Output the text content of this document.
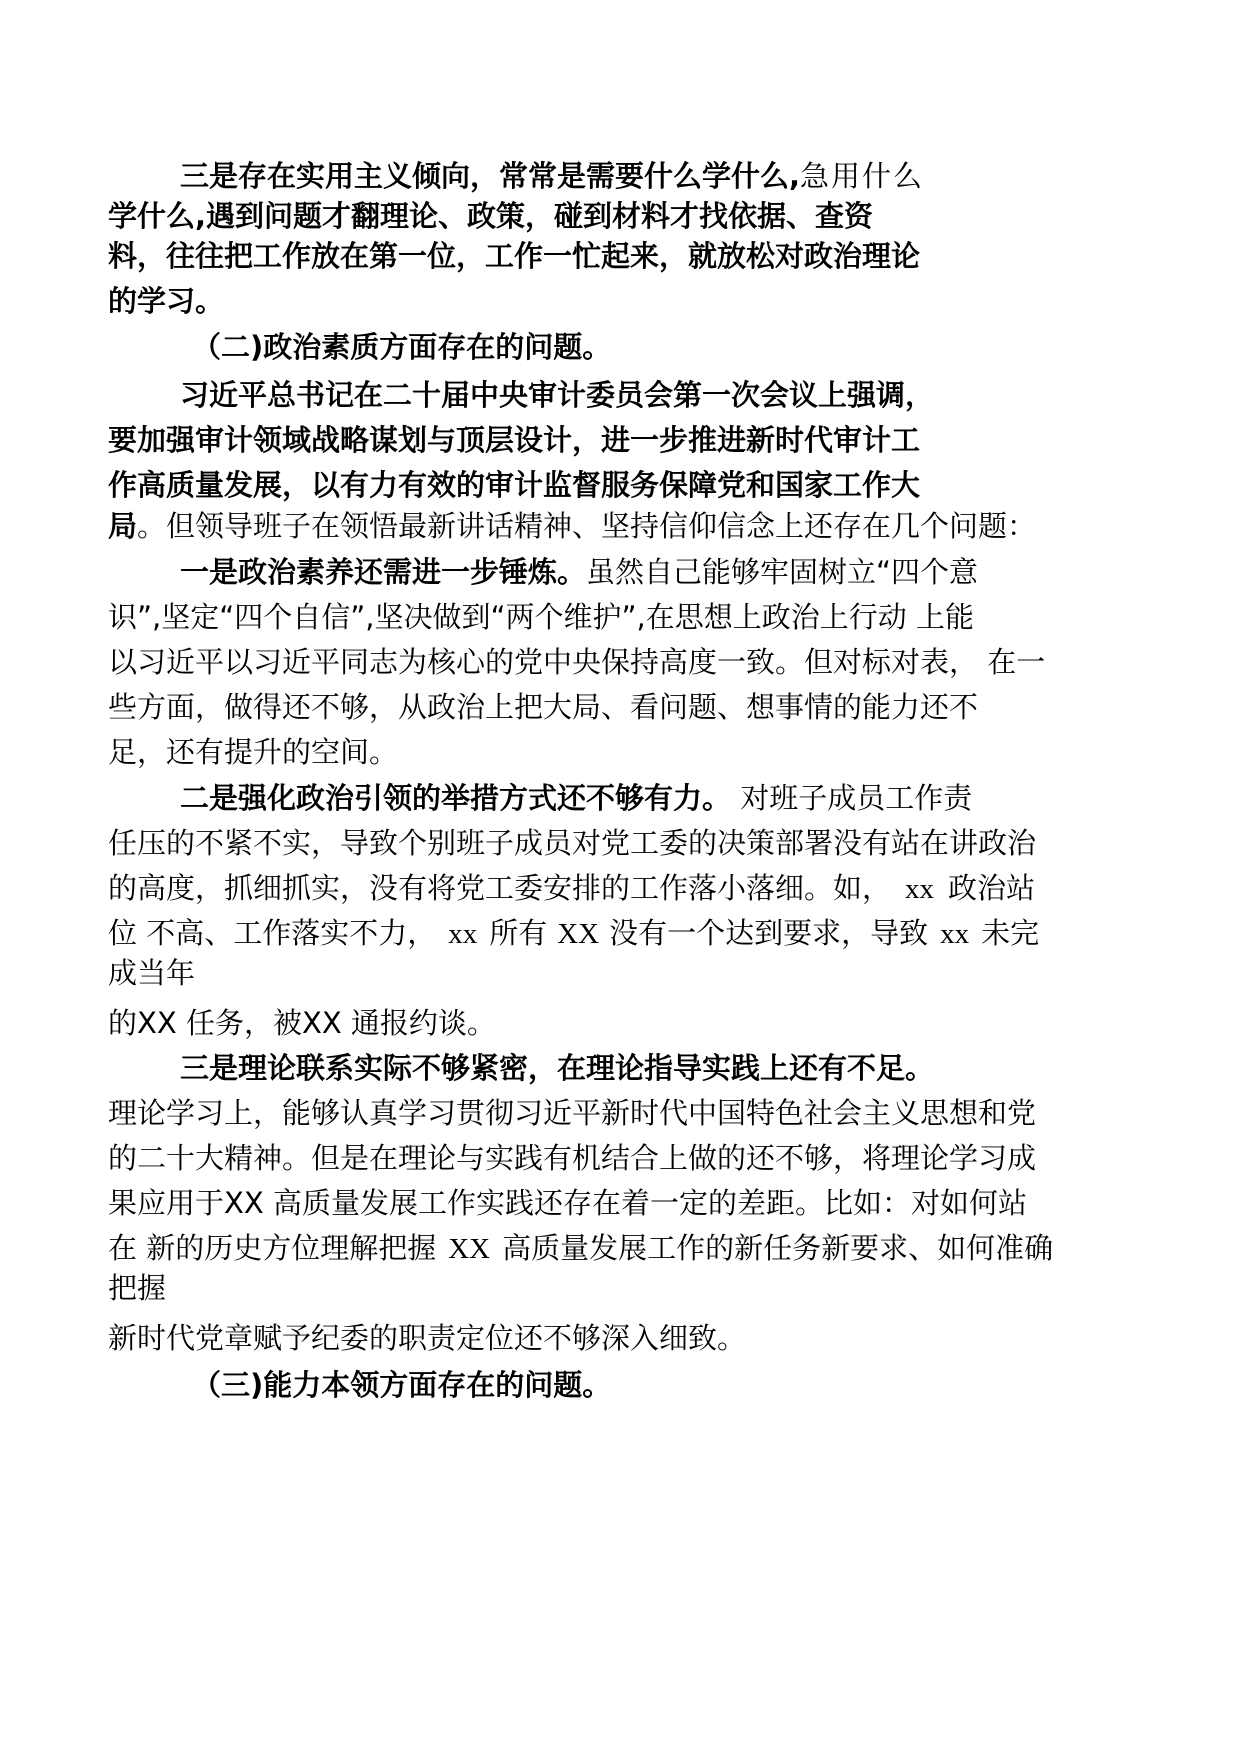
三是存在实用主义倾向，常常是需要什么学什么,急用什么

学什么,遇到问题才翻理论、政策，碰到材料才找依据、查资

料，往往把工作放在第一位，工作一忙起来，就放松对政治理论

的学习。

（二)政治素质方面存在的问题。

习近平总书记在二十届中央审计委员会第一次会议上强调，

要加强审计领域战略谋划与顶层设计，进一步推进新时代审计工

作高质量发展，以有力有效的审计监督服务保障党和国家工作大

局。但领导班子在领悟最新讲话精神、坚持信仰信念上还存在几个问题：

一是政治素养还需进一步锤炼。虽然自己能够牢固树立“四个意

识”,坚定“四个自信”,坚决做到“两个维护”,在思想上政治上行动 上能

以习近平以习近平同志为核心的党中央保持高度一致。但对标对表， 在一

些方面，做得还不够，从政治上把大局、看问题、想事情的能力还不

足，还有提升的空间。

二是强化政治引领的举措方式还不够有力。 对班子成员工作责

任压的不紧不实，导致个别班子成员对党工委的决策部署没有站在讲政治

的高度，抓细抓实，没有将党工委安排的工作落小落细。如， xx 政治站

位 不高、工作落实不力， xx 所有 XX 没有一个达到要求，导致 xx 未完

成当年

的XX 任务，被XX 通报约谈。

三是理论联系实际不够紧密，在理论指导实践上还有不足。

理论学习上，能够认真学习贯彻习近平新时代中国特色社会主义思想和党

的二十大精神。但是在理论与实践有机结合上做的还不够，将理论学习成

果应用于XX 高质量发展工作实践还存在着一定的差距。比如：对如何站

在 新的历史方位理解把握 XX 高质量发展工作的新任务新要求、如何准确

把握

新时代党章赋予纪委的职责定位还不够深入细致。

（三)能力本领方面存在的问题。
